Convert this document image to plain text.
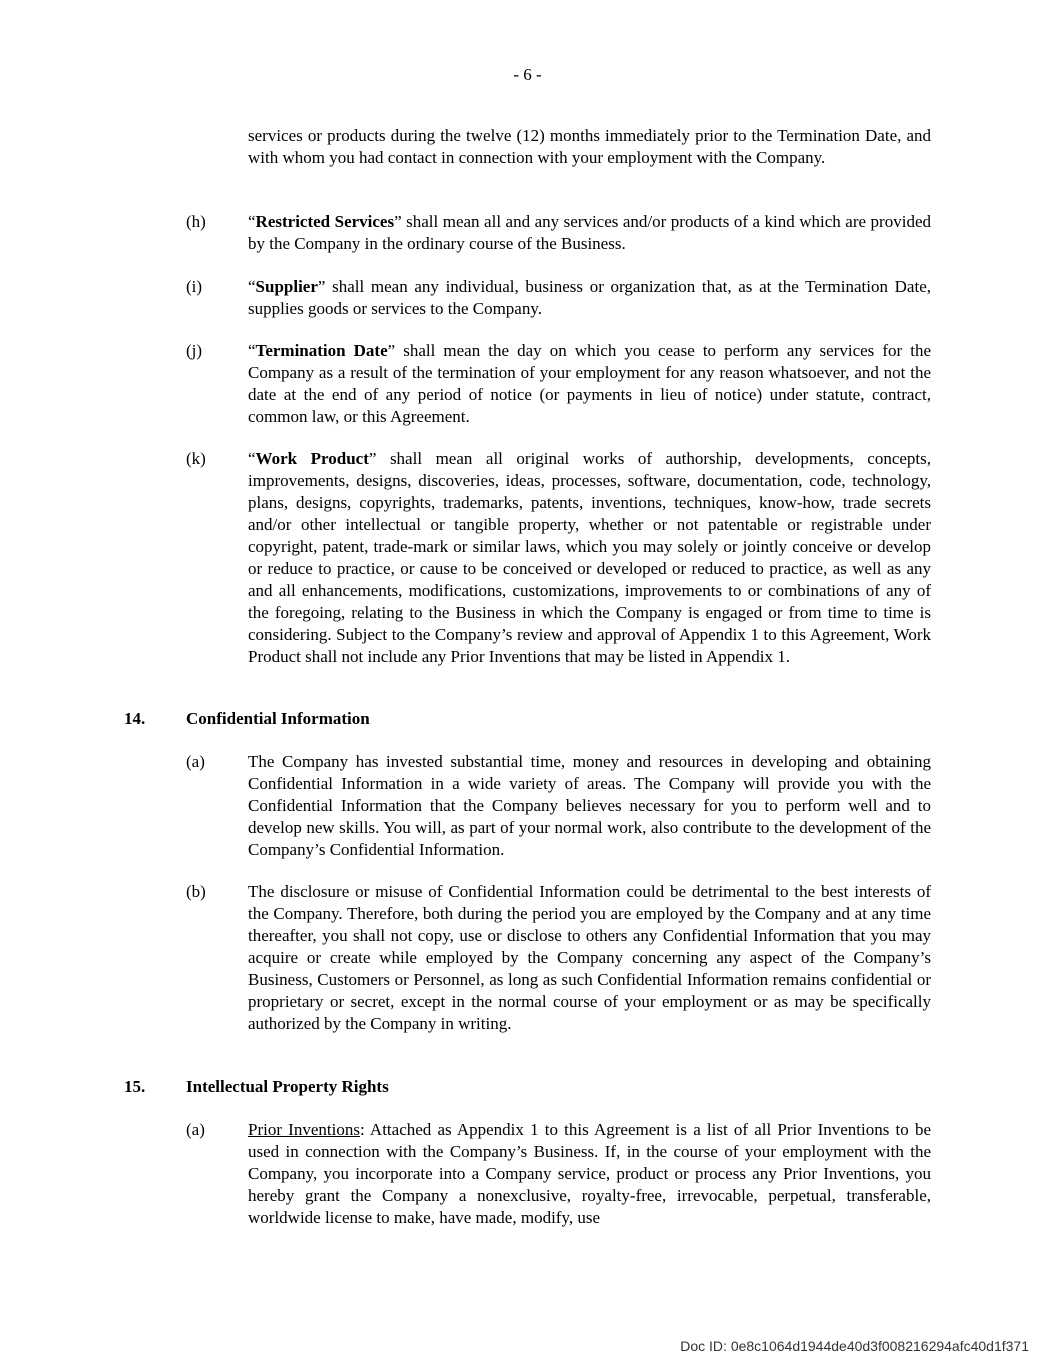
- 6 -

services or products during the twelve (12) months immediately prior to the Termination Date, and with whom you had contact in connection with your employment with the Company.

(h) “Restricted Services” shall mean all and any services and/or products of a kind which are provided by the Company in the ordinary course of the Business.

(i)	“Supplier” shall mean any individual, business or organization that, as at the Termination Date, supplies goods or services to the Company.

(j)	“Termination Date” shall mean the day on which you cease to perform any services for the Company as a result of the termination of your employment for any reason whatsoever, and not the date at the end of any period of notice (or payments in lieu of notice) under statute, contract, common law, or this Agreement.

(k) “Work Product” shall mean all original works of authorship, developments, concepts, improvements, designs, discoveries, ideas, processes, software, documentation, code, technology, plans, designs, copyrights, trademarks, patents, inventions, techniques, know-how, trade secrets and/or other intellectual or tangible property, whether or not patentable or registrable under copyright, patent, trade-mark or similar laws, which you may solely or jointly conceive or develop or reduce to practice, or cause to be conceived or developed or reduced to practice, as well as any and all enhancements, modifications, customizations, improvements to or combinations of any of the foregoing, relating to the Business in which the Company is engaged or from time to time is considering. Subject to the Company’s review and approval of Appendix 1 to this Agreement, Work Product shall not include any Prior Inventions that may be listed in Appendix 1.

14. Confidential Information
(a)	The Company has invested substantial time, money and resources in developing and obtaining Confidential Information in a wide variety of areas. The Company will provide you with the Confidential Information that the Company believes necessary for you to perform well and to develop new skills. You will, as part of your normal work, also contribute to the development of the Company’s Confidential Information.

(b) The disclosure or misuse of Confidential Information could be detrimental to the best interests of the Company. Therefore, both during the period you are employed by the Company and at any time thereafter, you shall not copy, use or disclose to others any Confidential Information that you may acquire or create while employed by the Company concerning any aspect of the Company’s Business, Customers or Personnel, as long as such Confidential Information remains confidential or proprietary or secret, except in the normal course of your employment or as may be specifically authorized by the Company in writing.

15. Intellectual Property Rights
(a)	Prior Inventions: Attached as Appendix 1 to this Agreement is a list of all Prior Inventions to be used in connection with the Company’s Business. If, in the course of your employment with the Company, you incorporate into a Company service, product or process any Prior Inventions, you hereby grant the Company a nonexclusive, royalty-free, irrevocable, perpetual, transferable, worldwide license to make, have made, modify, use

Doc ID: 0e8c1064d1944de40d3f008216294afc40d1f371
